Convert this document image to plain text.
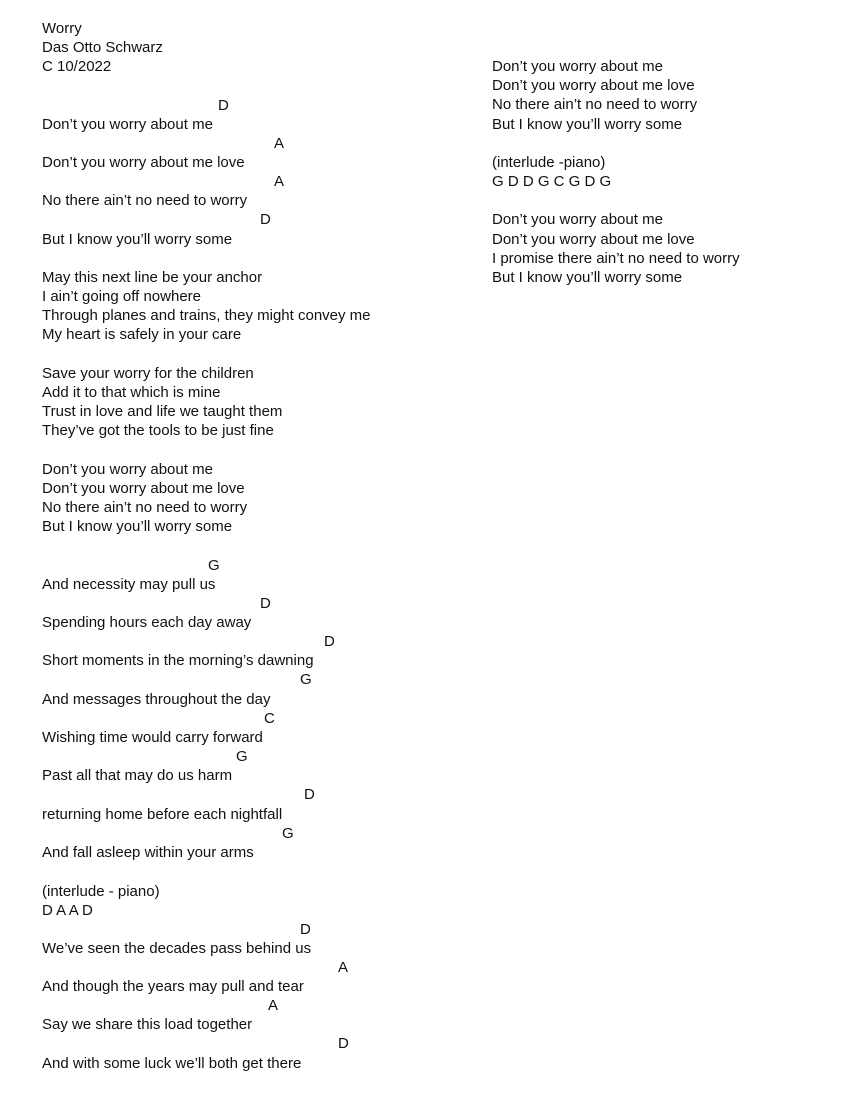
Worry
Das Otto Schwarz
C 10/2022
D
Don’t you worry about me
A
Don’t you worry about me love
A
No there ain’t no need to worry
D
But I know you’ll worry some
May this next line be your anchor
I ain’t going off nowhere
Through planes and trains, they might convey me
My heart is safely in your care
Save your worry for the children
Add it to that which is mine
Trust in love and life we taught them
They’ve got the tools to be just fine
Don’t you worry about me
Don’t you worry about me love
No there ain’t no need to worry
But I know you’ll worry some
G
And necessity may pull us
D
Spending hours each day away
D
Short moments in the morning’s dawning
G
And messages throughout the day
C
Wishing time would carry forward
G
Past all that may do us harm
D
returning home before each nightfall
G
And fall asleep within your arms
(interlude - piano)
D A A D
D
We’ve seen the decades pass behind us
A
And though the years may pull and tear
A
Say we share this load together
D
And with some luck we’ll both get there
Don’t you worry about me
Don’t you worry about me love
No there ain’t no need to worry
But I know you’ll worry some
(interlude -piano)
G D D G C G D G
Don’t you worry about me
Don’t you worry about me love
I promise there ain’t no need to worry
But I know you’ll worry some
